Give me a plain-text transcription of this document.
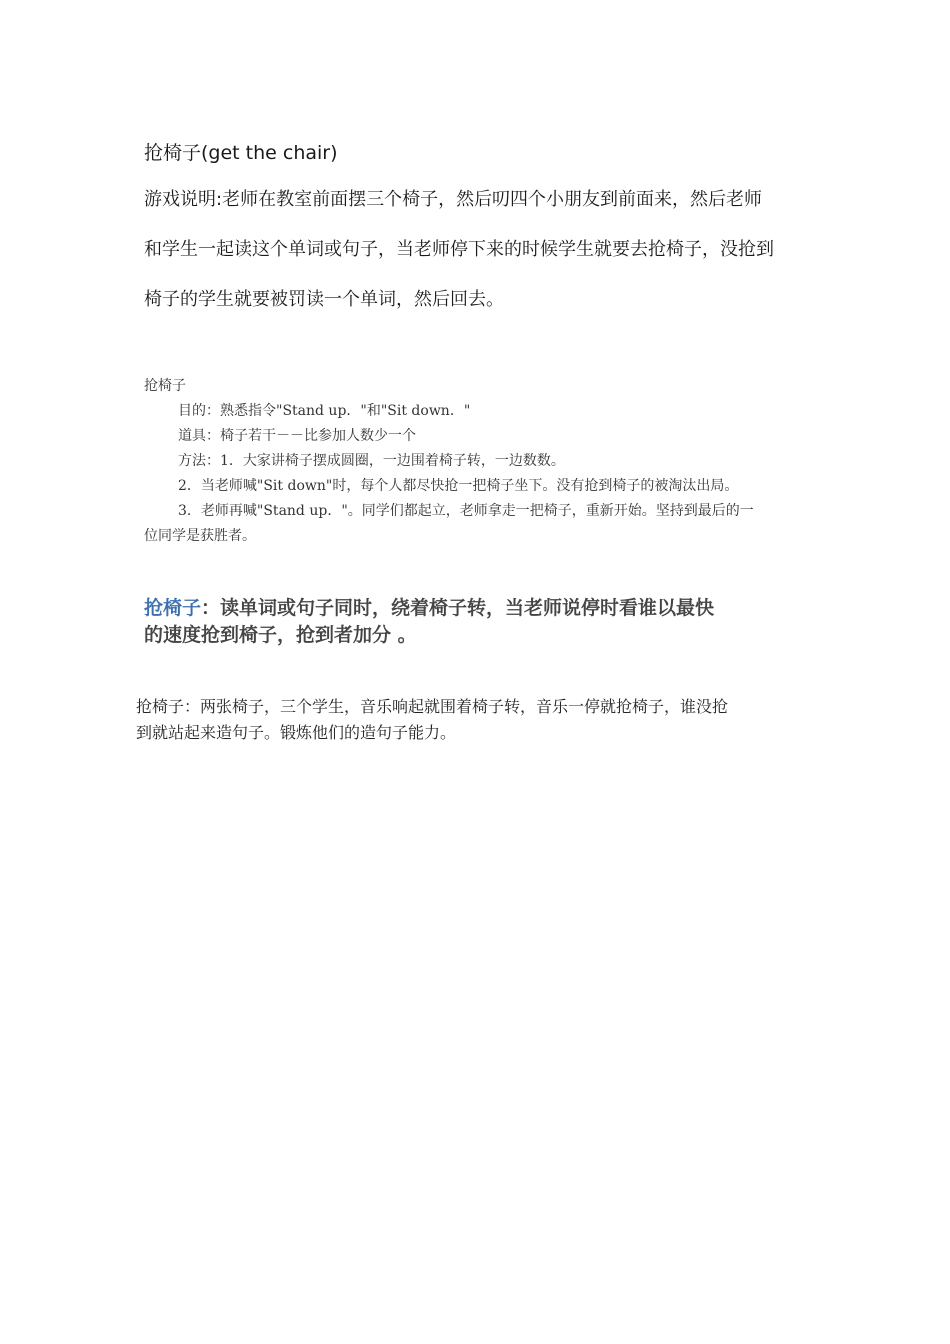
抢椅子(get the chair)
游戏说明:老师在教室前面摆三个椅子，然后叨四个小朋友到前面来，然后老师
和学生一起读这个单词或句子，当老师停下来的时候学生就要去抢椅子，没抢到
椅子的学生就要被罚读一个单词，然后回去。
抢椅子
目的：熟悉指令"Stand up．"和"Sit down．"
道具：椅子若干－－比参加人数少一个
方法：1．大家讲椅子摆成圆圈，一边围着椅子转，一边数数。
2．当老师喊"Sit down"时，每个人都尽快抢一把椅子坐下。没有抢到椅子的被淘汰出局。
3．老师再喊"Stand up．"。同学们都起立，老师拿走一把椅子，重新开始。坚持到最后的一
位同学是获胜者。
抢椅子：读单词或句子同时，绕着椅子转，当老师说停时看谁以最快
的速度抢到椅子，抢到者加分 。
抢椅子：两张椅子，三个学生，音乐响起就围着椅子转，音乐一停就抢椅子，谁没抢
到就站起来造句子。锻炼他们的造句子能力。
